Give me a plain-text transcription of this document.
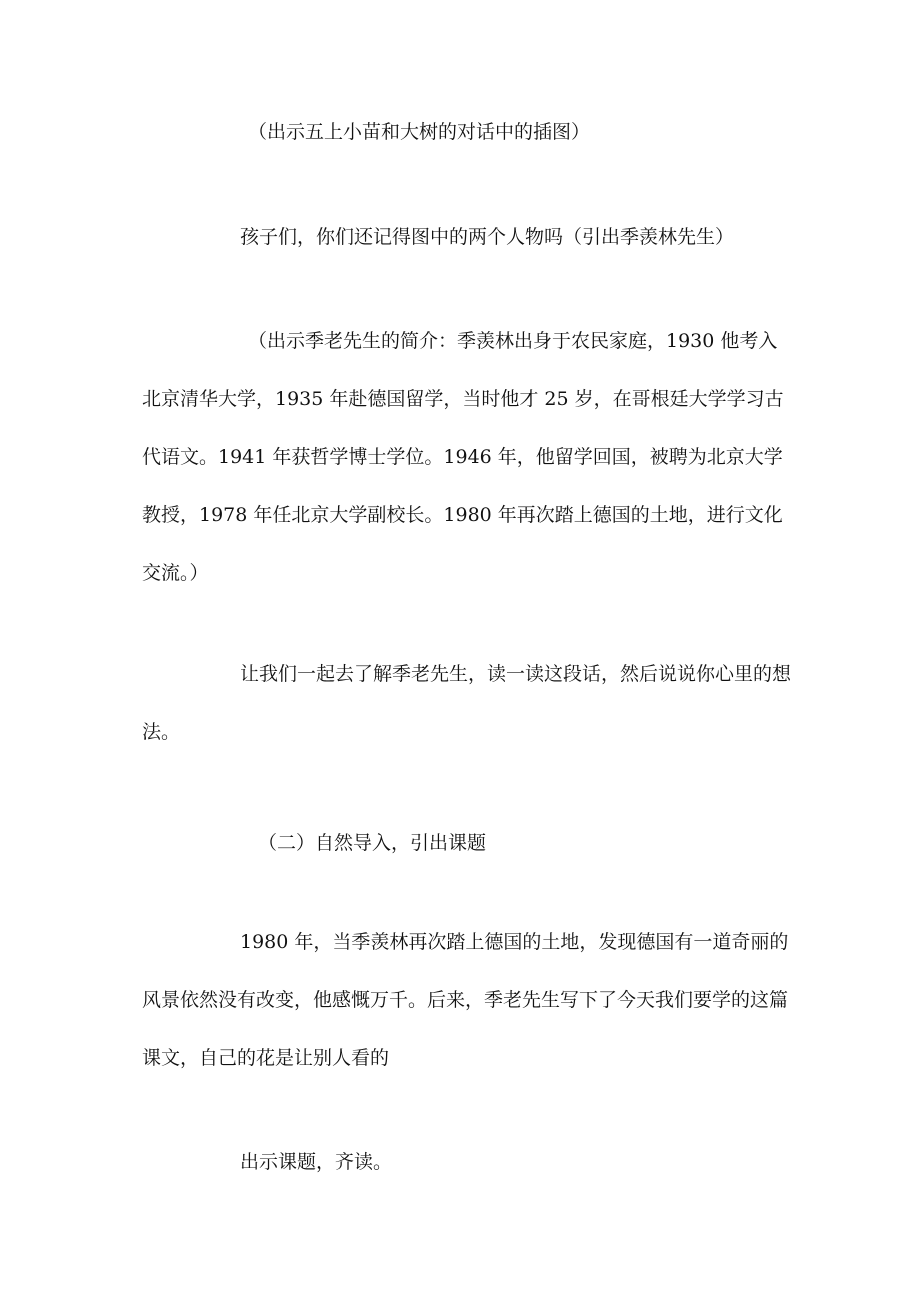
（出示五上小苗和大树的对话中的插图）

孩子们，你们还记得图中的两个人物吗（引出季羡林先生）

（出示季老先生的简介：季羡林出身于农民家庭，1930 他考入
北京清华大学，1935 年赴德国留学，当时他才 25 岁，在哥根廷大学学习古
代语文。1941 年获哲学博士学位。1946 年，他留学回国，被聘为北京大学
教授，1978 年任北京大学副校长。1980 年再次踏上德国的土地，进行文化
交流。）

让我们一起去了解季老先生，读一读这段话，然后说说你心里的想
法。

（二）自然导入，引出课题

1980 年，当季羡林再次踏上德国的土地，发现德国有一道奇丽的
风景依然没有改变，他感慨万千。后来，季老先生写下了今天我们要学的这篇
课文，自己的花是让别人看的

出示课题，齐读。
